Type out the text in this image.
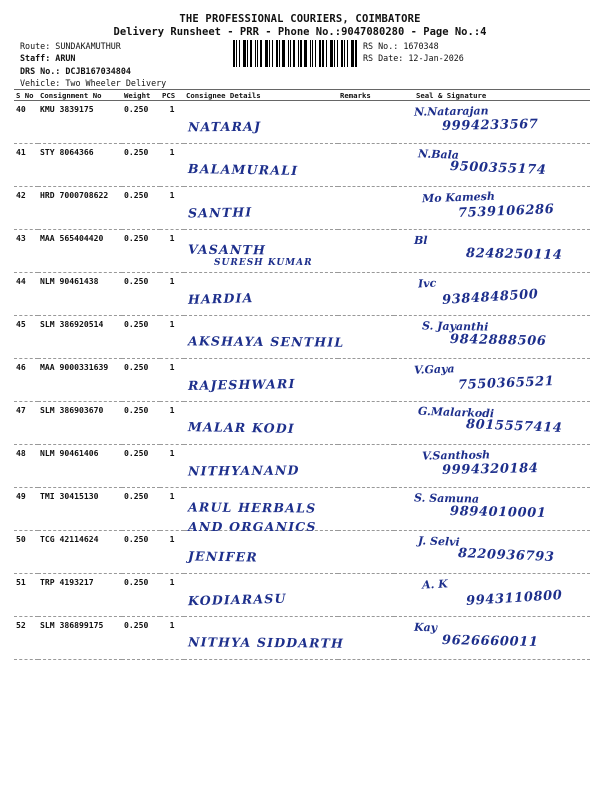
THE PROFESSIONAL COURIERS, COIMBATORE
Delivery Runsheet - PRR - Phone No.:9047080280 - Page No.:4
Route: SUNDAKAMUTHUR
Staff: ARUN
DRS No.: DCJB167034804
Vehicle: Two Wheeler Delivery
RS No.: 1670348
RS Date: 12-Jan-2026
S No	Consignment No	Weight	PCS	Consignee Details	Remarks	Seal & Signature
40	KMU 3839175	0.250	1	NATARAJ		N.Natarajan
9994233567

41	STY 8064366	0.250	1	BALAMURALI		N.Bala
9500355174

42	HRD 7000708622	0.250	1	SANTHI		Mo Kamesh
7539106286

43	MAA 565404420	0.250	1	VASANTH
SURESH KUMAR		Bl
8248250114

44	NLM 90461438	0.250	1	HARDIA		Ivc
9384848500

45	SLM 386920514	0.250	1	AKSHAYA SENTHIL		S. Jayanthi
9842888506

46	MAA 9000331639	0.250	1	RAJESHWARI		V.Gaya
7550365521

47	SLM 386903670	0.250	1	MALAR KODI		G.Malarkodi
8015557414

48	NLM 90461406	0.250	1	NITHYANAND		V.Santhosh
9994320184

49	TMI 30415130	0.250	1	ARUL HERBALS
AND ORGANICS		S. Samuna
9894010001

50	TCG 42114624	0.250	1	JENIFER		J. Selvi
8220936793

51	TRP 4193217	0.250	1	KODIARASU		A. K
9943110800

52	SLM 386899175	0.250	1	NITHYA SIDDARTH		Kay
9626660011
